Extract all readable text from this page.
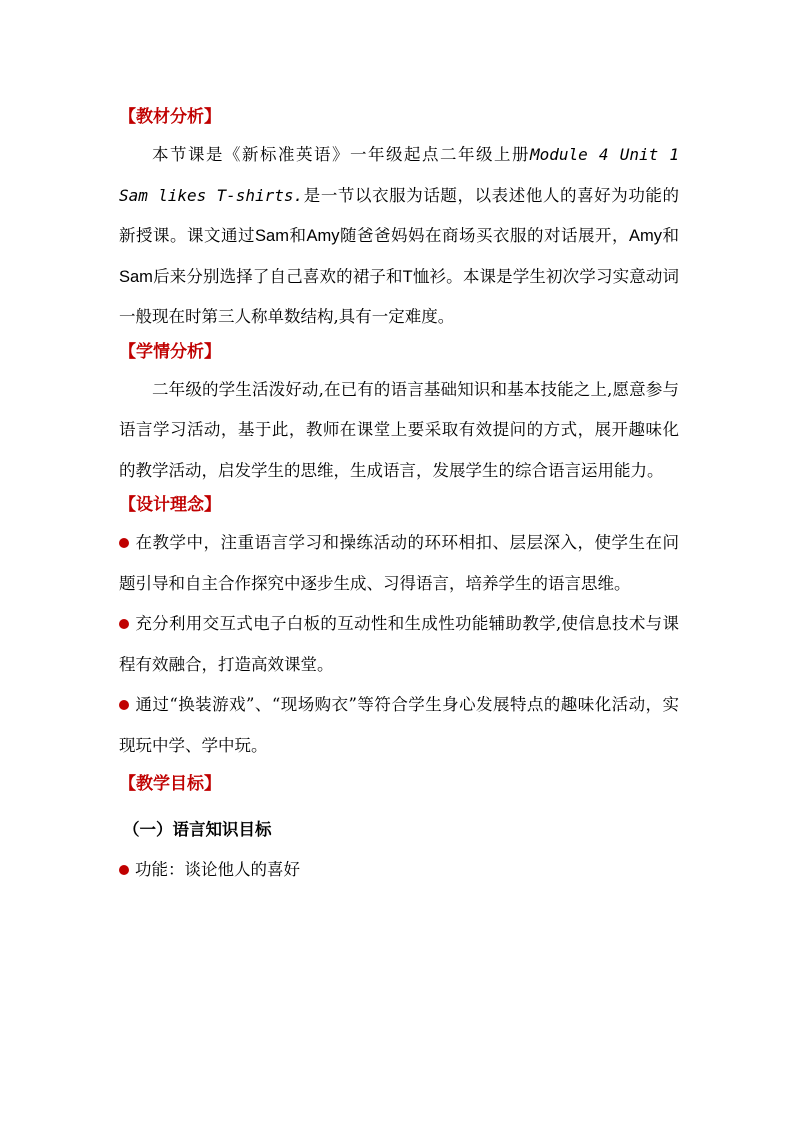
【教材分析】

本节课是《新标准英语》一年级起点二年级上册Module 4 Unit 1 Sam likes T-shirts.是一节以衣服为话题，以表述他人的喜好为功能的新授课。课文通过Sam和Amy随爸爸妈妈在商场买衣服的对话展开，Amy和Sam后来分别选择了自己喜欢的裙子和T恤衫。本课是学生初次学习实意动词一般现在时第三人称单数结构,具有一定难度。

【学情分析】

二年级的学生活泼好动,在已有的语言基础知识和基本技能之上,愿意参与语言学习活动，基于此，教师在课堂上要采取有效提问的方式，展开趣味化的教学活动，启发学生的思维，生成语言，发展学生的综合语言运用能力。

【设计理念】

在教学中，注重语言学习和操练活动的环环相扣、层层深入，使学生在问题引导和自主合作探究中逐步生成、习得语言，培养学生的语言思维。

充分利用交互式电子白板的互动性和生成性功能辅助教学,使信息技术与课程有效融合，打造高效课堂。

通过“换装游戏”、“现场购衣”等符合学生身心发展特点的趣味化活动，实现玩中学、学中玩。

【教学目标】

（一）语言知识目标

功能：谈论他人的喜好
